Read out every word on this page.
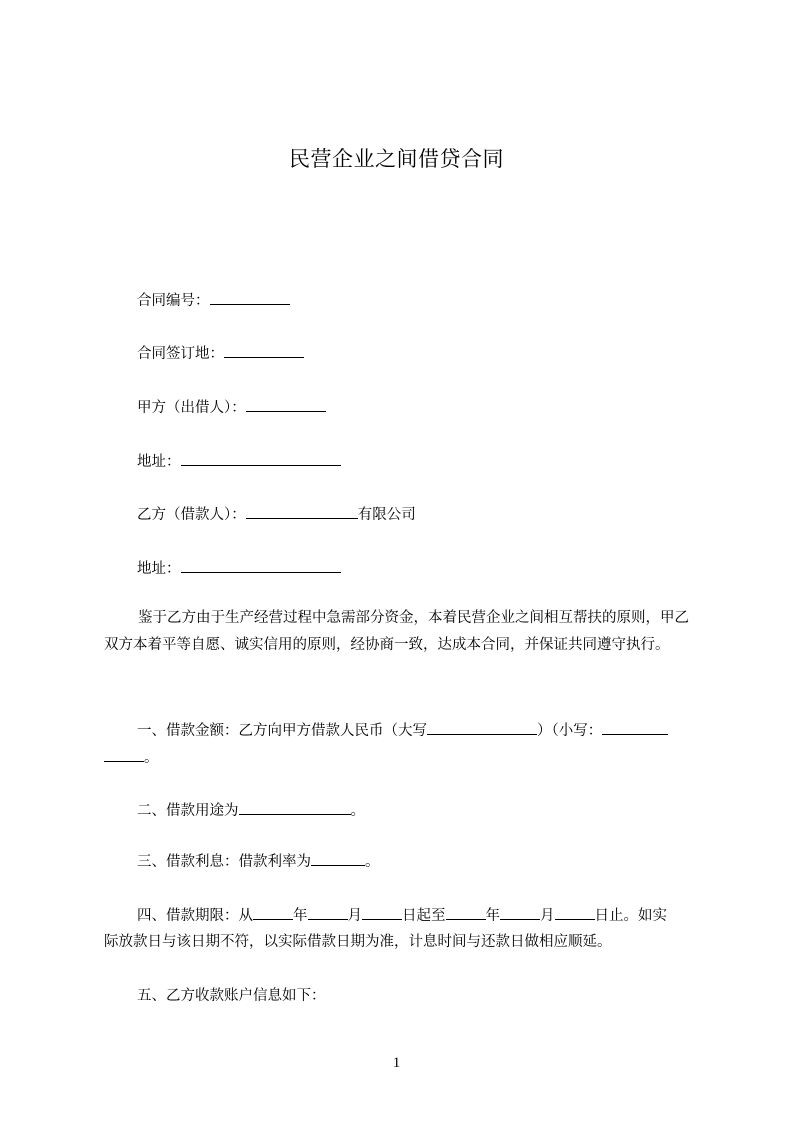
民营企业之间借贷合同
合同编号：
合同签订地：
甲方（出借人）：
地址：
乙方（借款人）：	有限公司
地址：
鉴于乙方由于生产经营过程中急需部分资金，本着民营企业之间相互帮扶的原则，甲乙双方本着平等自愿、诚实信用的原则，经协商一致，达成本合同，并保证共同遵守执行。
一、借款金额：乙方向甲方借款人民币（大写	）（小写：
。
二、借款用途为	。
三、借款利息：借款利率为	。
四、借款期限：从	年	月	日起至	年	月	日止。如实
际放款日与该日期不符，以实际借款日期为准，计息时间与还款日做相应顺延。
五、乙方收款账户信息如下：
1
